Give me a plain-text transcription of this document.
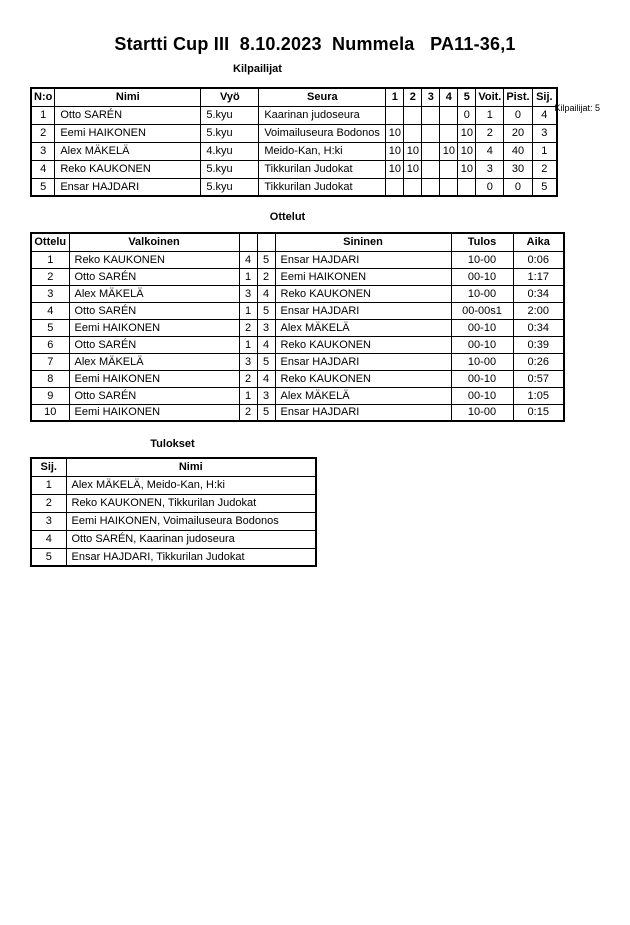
Startti Cup III  8.10.2023  Nummela   PA11-36,1
Kilpailijat: 5
Kilpailijat
N:o	Nimi	Vyö	Seura	1	2	3	4	5	Voit.	Pist.	Sij.
1	Otto SARÉN	5.kyu	Kaarinan judoseura					0	1	0	4
2	Eemi HAIKONEN	5.kyu	Voimailuseura Bodonos	10				10	2	20	3
3	Alex MÄKELÄ	4.kyu	Meido-Kan, H:ki	10	10		10	10	4	40	1
4	Reko KAUKONEN	5.kyu	Tikkurilan Judokat	10	10			10	3	30	2
5	Ensar HAJDARI	5.kyu	Tikkurilan Judokat						0	0	5
Ottelut
Ottelu	Valkoinen			Sininen	Tulos	Aika
1	Reko KAUKONEN	4	5	Ensar HAJDARI	10-00	0:06
2	Otto SARÉN	1	2	Eemi HAIKONEN	00-10	1:17
3	Alex MÄKELÄ	3	4	Reko KAUKONEN	10-00	0:34
4	Otto SARÉN	1	5	Ensar HAJDARI	00-00s1	2:00
5	Eemi HAIKONEN	2	3	Alex MÄKELÄ	00-10	0:34
6	Otto SARÉN	1	4	Reko KAUKONEN	00-10	0:39
7	Alex MÄKELÄ	3	5	Ensar HAJDARI	10-00	0:26
8	Eemi HAIKONEN	2	4	Reko KAUKONEN	00-10	0:57
9	Otto SARÉN	1	3	Alex MÄKELÄ	00-10	1:05
10	Eemi HAIKONEN	2	5	Ensar HAJDARI	10-00	0:15
Tulokset
Sij.	Nimi
1	Alex MÄKELÄ, Meido-Kan, H:ki
2	Reko KAUKONEN, Tikkurilan Judokat
3	Eemi HAIKONEN, Voimailuseura Bodonos
4	Otto SARÉN, Kaarinan judoseura
5	Ensar HAJDARI, Tikkurilan Judokat
